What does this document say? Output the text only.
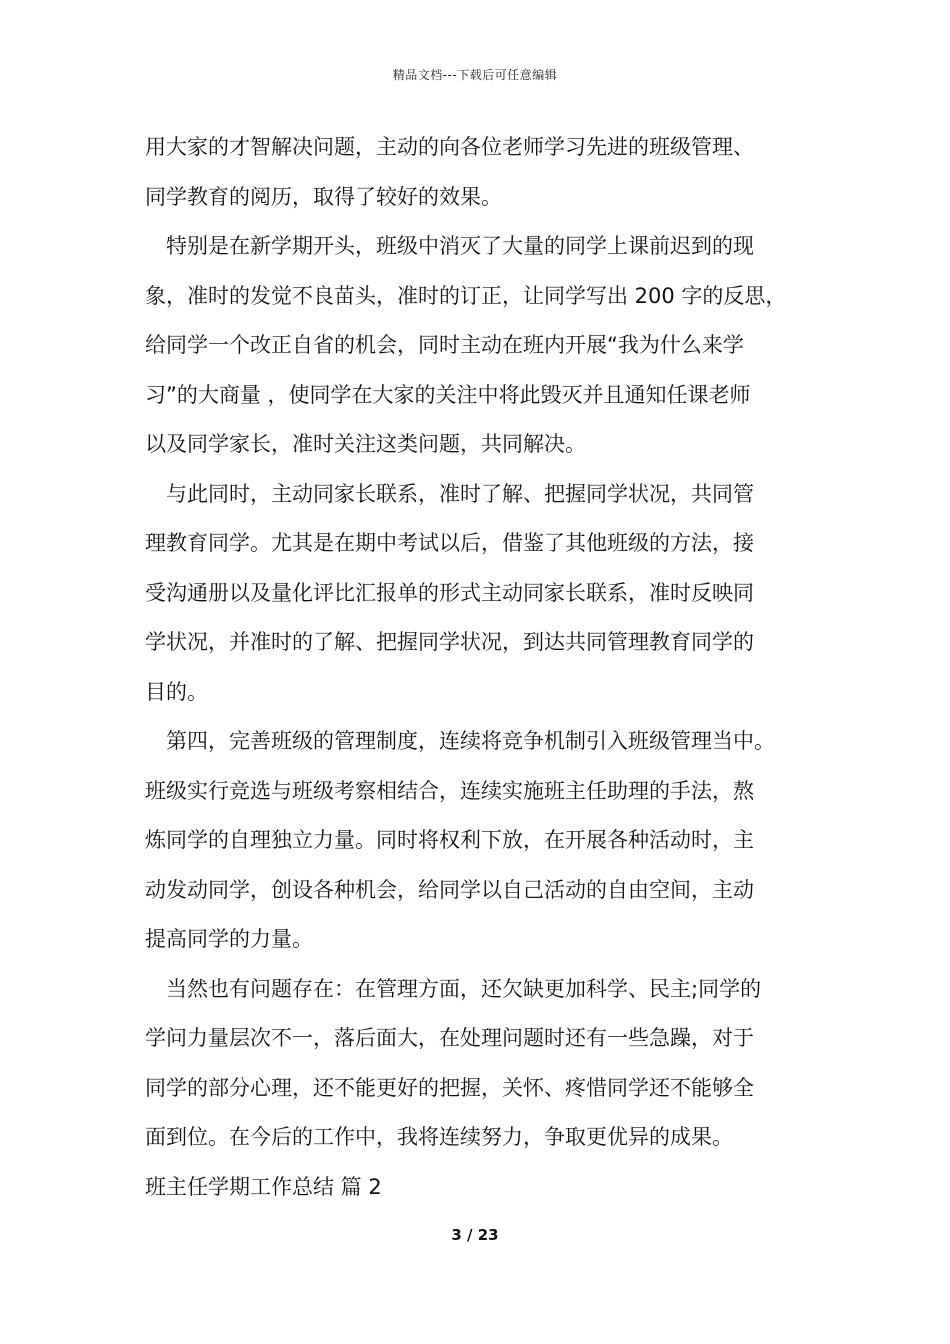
精品文档---下载后可任意编辑

用大家的才智解决问题，主动的向各位老师学习先进的班级管理、
同学教育的阅历，取得了较好的效果。

特别是在新学期开头，班级中消灭了大量的同学上课前迟到的现
象，准时的发觉不良苗头，准时的订正，让同学写出 200 字的反思，
给同学一个改正自省的机会，同时主动在班内开展“我为什么来学
习”的大商量 ，使同学在大家的关注中将此毁灭并且通知任课老师
以及同学家长，准时关注这类问题，共同解决。

与此同时，主动同家长联系，准时了解、把握同学状况，共同管
理教育同学。尤其是在期中考试以后，借鉴了其他班级的方法，接
受沟通册以及量化评比汇报单的形式主动同家长联系，准时反映同
学状况，并准时的了解、把握同学状况，到达共同管理教育同学的
目的。

第四，完善班级的管理制度，连续将竞争机制引入班级管理当中。
班级实行竞选与班级考察相结合，连续实施班主任助理的手法，熬
炼同学的自理独立力量。同时将权利下放，在开展各种活动时，主
动发动同学，创设各种机会，给同学以自己活动的自由空间，主动
提高同学的力量。

当然也有问题存在：在管理方面，还欠缺更加科学、民主;同学的
学问力量层次不一，落后面大，在处理问题时还有一些急躁，对于
同学的部分心理，还不能更好的把握，关怀、疼惜同学还不能够全
面到位。在今后的工作中，我将连续努力，争取更优异的成果。

班主任学期工作总结 篇 2

3 / 23
